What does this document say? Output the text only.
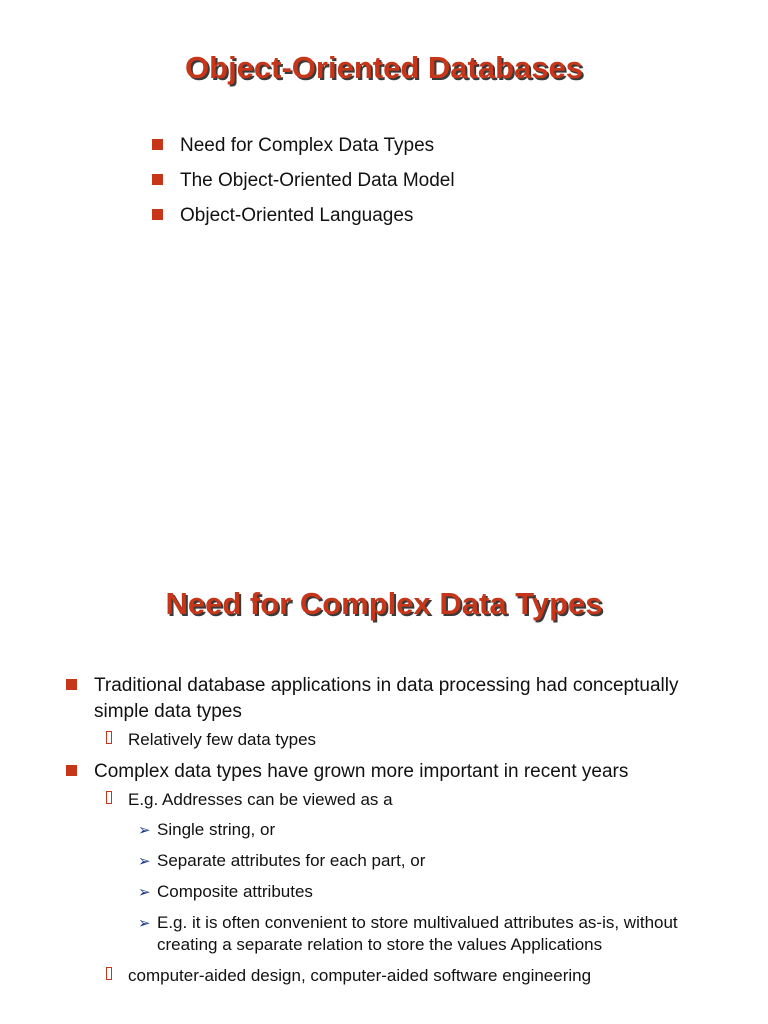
Object-Oriented Databases
Need for Complex Data Types
The Object-Oriented Data Model
Object-Oriented Languages
Need for Complex Data Types
Traditional database applications in data processing had conceptually simple data types
Relatively few data types
Complex data types have grown more important in recent years
E.g. Addresses can be viewed as a
➢ Single string, or
➢ Separate attributes for each part, or
➢ Composite attributes
➢ E.g. it is often convenient to store multivalued attributes as-is, without creating a separate relation to store the values Applications
computer-aided design, computer-aided software engineering
